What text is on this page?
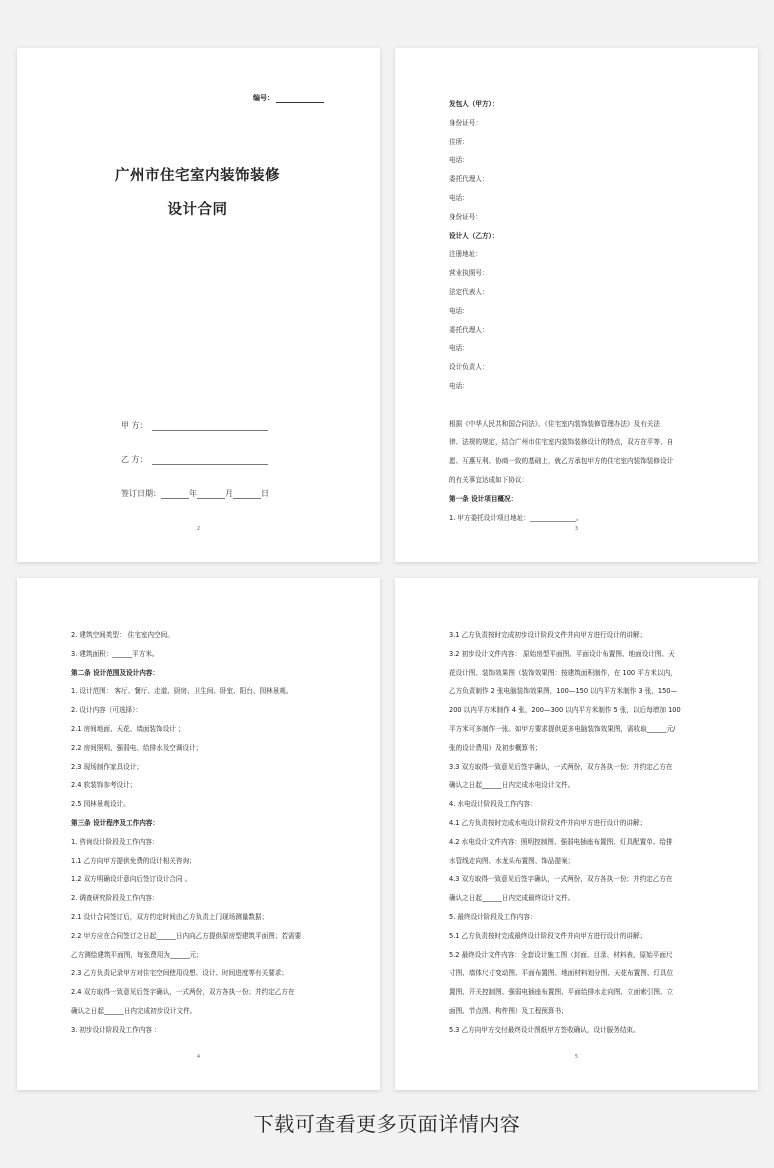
编号：
广州市住宅室内装饰装修
设计合同
甲 方：
乙 方：
签订日期：	年	月	日
2
发包人（甲方）：
身份证号：
住所：
电话：
委托代理人：
电话：
身份证号：
设计人（乙方）：
注册地址：
营业执照号：
法定代表人：
电话：
委托代理人：
电话：
设计负责人：
电话：
根据《中华人民共和国合同法》、《住宅室内装饰装修管理办法》及有关法
律、法规的规定，结合广州市住宅室内装饰装修设计的特点，双方在平等、自
愿、互惠互利、协商一致的基础上，就乙方承包甲方的住宅室内装饰装修设计
的有关事宜达成如下协议：
第一条 设计项目概况：
1. 甲方委托设计项目地址：______________。
3
2. 建筑空间类型： 住宅室内空间。
3. 建筑面积：______平方米。
第二条 设计范围及设计内容：
1. 设计范围： 客厅、餐厅、走道、厨房、卫生间、卧室、阳台、园林景观。
2. 设计内容（可选择）：
2.1 房间地面、天花、墙面装饰设计 ；
2.2 房间照明、强弱电、给排水及空调设计；
2.3 现场制作家具设计；
2.4 软装饰参考设计；
2.5 园林景观设计。
第三条 设计程序及工作内容：
1. 咨询设计阶段及工作内容：
1.1 乙方向甲方提供免费的设计相关咨询；
1.2 双方明确设计意向后签订设计合同 。
2. 调查研究阶段及工作内容：
2.1 设计合同签订后，双方约定时间由乙方负责上门现场测量数据；
2.2 甲方应在合同签订之日起______日内向乙方提供原房型建筑平面图；若需要
乙方测绘建筑平面图，每张费用为______元；
2.3 乙方负责记录甲方对住宅空间使用设想、设计、时间进度等有关要求；
2.4 双方取得一致意见后签字确认，一式两份，双方各执一份；并约定乙方在
确认之日起______日内完成初步设计文件。
3. 初步设计阶段及工作内容 ：
4
3.1 乙方负责按时完成初步设计阶段文件并向甲方进行设计的讲解；
3.2 初步设计文件内容： 原始房型平面图、平面设计布置图、地面设计图、天
花设计图、装饰效果图（装饰效果图：按建筑面积制作，在 100 平方米以内，
乙方负责制作 2 张电脑装饰效果图，100—150 以内平方米制作 3 张，150—
200 以内平方米制作 4 张，200—300 以内平方米制作 5 张，以后每增加 100
平方米可多制作一张。如甲方要求提供更多电脑装饰效果图，需收取______元/
张的设计费用）及初步概算书；
3.3 双方取得一致意见后签字确认，一式两份，双方各执一份；并约定乙方在
确认之日起______日内完成水电设计文件。
4. 水电设计阶段及工作内容：
4.1 乙方负责按时完成水电设计阶段文件并向甲方进行设计的讲解；
4.2 水电设计文件内容：照明控制图、强弱电插座布置图、灯具配置单、给排
水管线走向图、水龙头布置图、饰品提案；
4.3 双方取得一致意见后签字确认，一式两份，双方各执一份；并约定乙方在
确认之日起______日内完成最终设计文件。
5. 最终设计阶段及工作内容：
5.1 乙方负责按时完成最终设计阶段文件并向甲方进行设计的讲解；
5.2 最终设计文件内容：全套设计施工图（封面、目录、材料表、原始平面尺
寸图、墙体尺寸变动图、平面布置图、地面材料划分图、天花布置图、灯具位
置图、开关控制图、强弱电插座布置图、平面给排水走向图、立面索引图、立
面图、节点图、构件图）及工程预算书；
5.3 乙方向甲方交付最终设计图纸甲方签收确认，设计服务结束。
5
下载可查看更多页面详情内容
